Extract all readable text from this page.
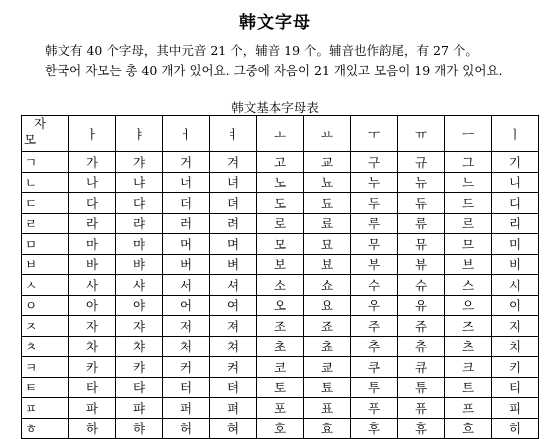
韩文字母
韩文有 40 个字母，其中元音 21 个，辅音 19 个。辅音也作韵尾，有 27 个。
한국어 자모는 총 40 개가 있어요. 그중에 자음이 21 개있고 모음이 19 개가 있어요.
韩文基本字母表
자
모	ㅏ	ㅑ	ㅓ	ㅕ	ㅗ	ㅛ	ㅜ	ㅠ	ㅡ	ㅣ
ㄱ	가	갸	거	겨	고	교	구	규	그	기
ㄴ	나	냐	너	녀	노	뇨	누	뉴	느	니
ㄷ	다	댜	더	뎌	도	됴	두	듀	드	디
ㄹ	라	랴	러	려	로	료	루	류	르	리
ㅁ	마	먀	머	며	모	묘	무	뮤	므	미
ㅂ	바	뱌	버	벼	보	뵤	부	뷰	브	비
ㅅ	사	샤	서	셔	소	쇼	수	슈	스	시
ㅇ	아	야	어	여	오	요	우	유	으	이
ㅈ	자	쟈	저	져	조	죠	주	쥬	즈	지
ㅊ	차	챠	처	쳐	초	쵸	추	츄	츠	치
ㅋ	카	캬	커	켜	코	쿄	쿠	큐	크	키
ㅌ	타	탸	터	텨	토	툐	투	튜	트	티
ㅍ	파	퍄	퍼	펴	포	표	푸	퓨	프	피
ㅎ	하	햐	허	혀	호	효	후	휴	흐	히
